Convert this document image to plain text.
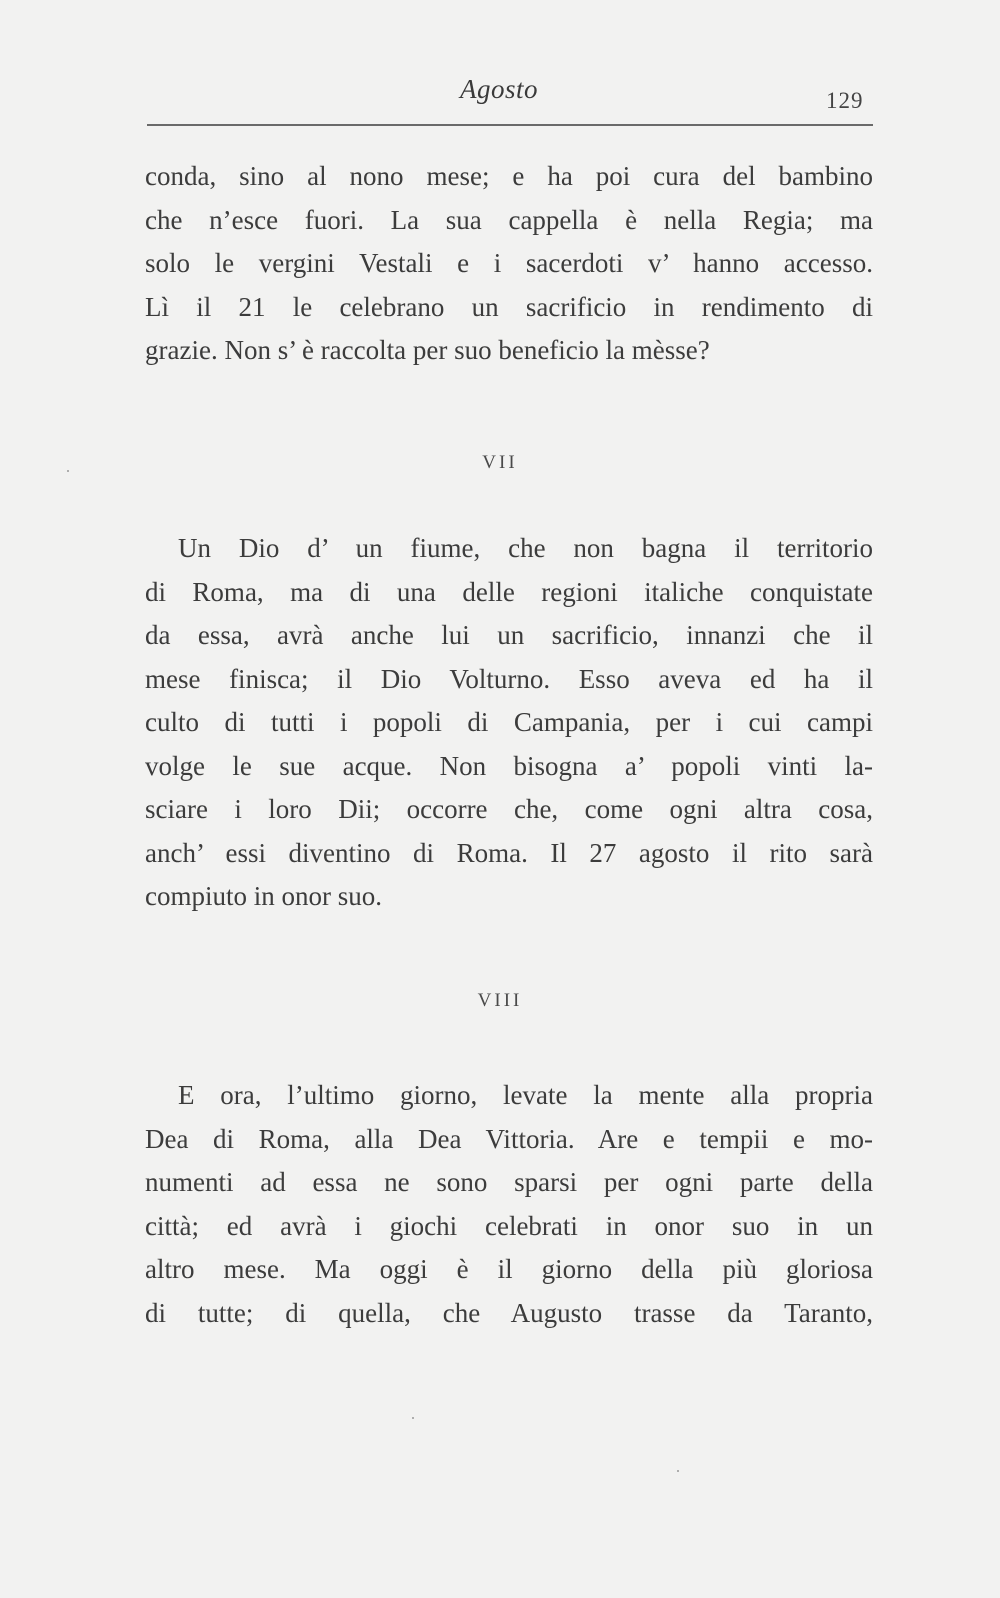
Agosto	129
conda, sino al nono mese; e ha poi cura del bambino
che n’esce fuori. La sua cappella è nella Regia; ma
solo le vergini Vestali e i sacerdoti v’ hanno accesso.
Lì il 21 le celebrano un sacrificio in rendimento di
grazie. Non s’ è raccolta per suo beneficio la mèsse?
VII
Un Dio d’ un fiume, che non bagna il territorio
di Roma, ma di una delle regioni italiche conquistate
da essa, avrà anche lui un sacrificio, innanzi che il
mese finisca; il Dio Volturno. Esso aveva ed ha il
culto di tutti i popoli di Campania, per i cui campi
volge le sue acque. Non bisogna a’ popoli vinti la-
sciare i loro Dii; occorre che, come ogni altra cosa,
anch’ essi diventino di Roma. Il 27 agosto il rito sarà
compiuto in onor suo.
VIII
E ora, l’ultimo giorno, levate la mente alla propria
Dea di Roma, alla Dea Vittoria. Are e tempii e mo-
numenti ad essa ne sono sparsi per ogni parte della
città; ed avrà i giochi celebrati in onor suo in un
altro mese. Ma oggi è il giorno della più gloriosa
di tutte; di quella, che Augusto trasse da Taranto,
